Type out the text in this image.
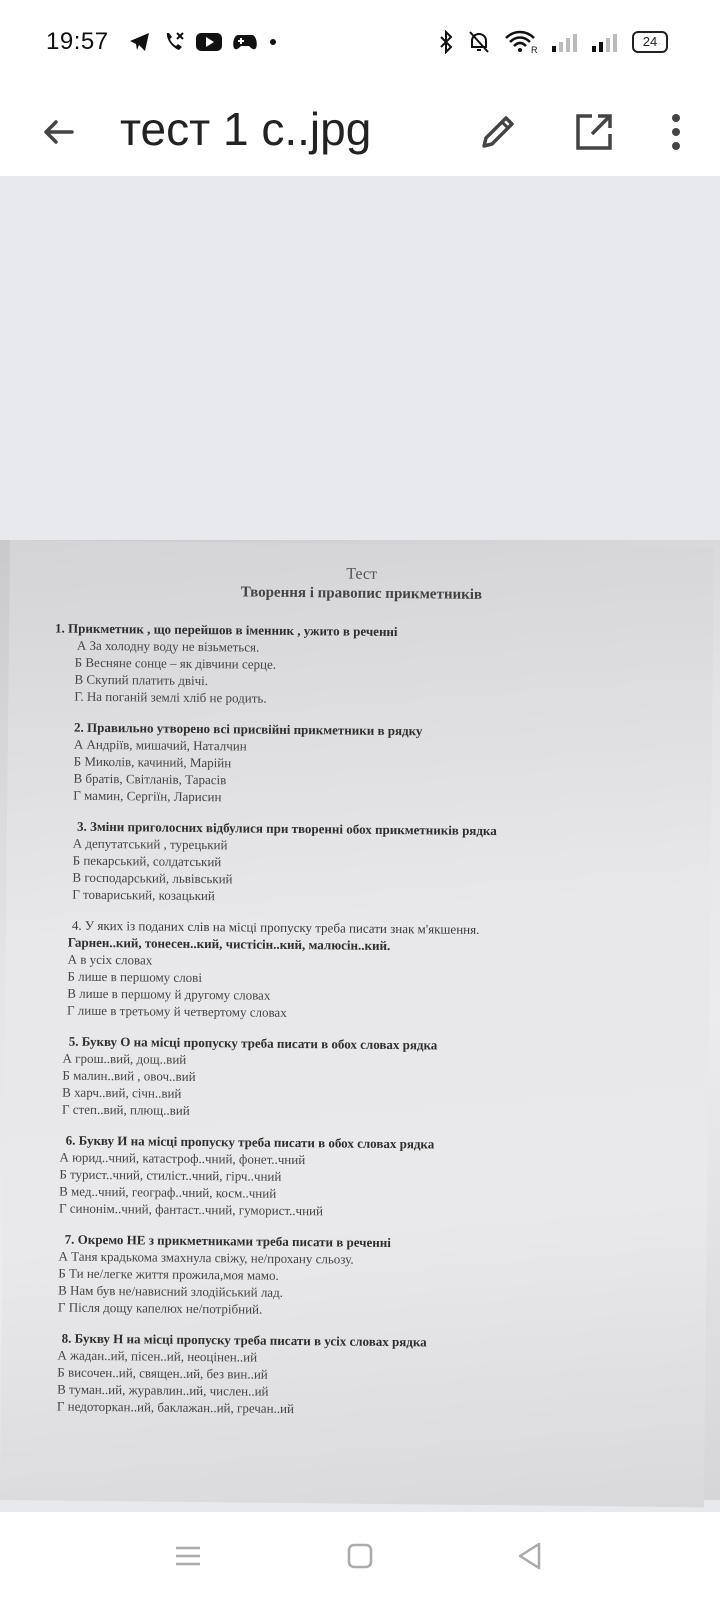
19:57	R
24
тест 1 с..jpg
Тест
Творення і правопис прикметників
1. Прикметник , що перейшов в іменник , ужито в реченні
А За холодну воду не візьметься.
Б Весняне сонце – як дівчини серце.
В Скупий платить двічі.
Г. На поганій землі хліб не родить.
2. Правильно утворено всі присвійні прикметники в рядку
А Андріїв, мишачий, Наталчин
Б Миколів, качиний, Марійн
В братів, Світланів, Тарасів
Г мамин, Сергіїн, Ларисин
3. Зміни приголосних відбулися при творенні обох прикметників рядка
А депутатський , турецький
Б пекарський, солдатський
В господарський, львівський
Г товариський, козацький
4. У яких із поданих слів на місці пропуску треба писати знак м'якшення.
Гарнен..кий, тонесен..кий, чистісін..кий, малюсін..кий.
А в усіх словах
Б лише в першому слові
В лише в першому й другому словах
Г лише в третьому й четвертому словах
5. Букву О на місці пропуску треба писати в обох словах рядка
А грош..вий, дощ..вий
Б малин..вий , овоч..вий
В харч..вий, січн..вий
Г степ..вий, плющ..вий
6. Букву И на місці пропуску треба писати в обох словах рядка
А юрид..чний, катастроф..чний, фонет..чний
Б турист..чний, стиліст..чний, гірч..чний
В мед..чний, географ..чний, косм..чний
Г синонім..чний, фантаст..чний, гуморист..чний
7. Окремо НЕ з прикметниками треба писати в реченні
А Таня крадькома змахнула свіжу, не/прохану сльозу.
Б Ти не/легке життя прожила,моя мамо.
В Нам був не/нависний злодійський лад.
Г Після дощу капелюх не/потрібний.
8. Букву Н на місці пропуску треба писати в усіх словах рядка
А жадан..ий, пісен..ий, неоцінен..ий
Б височен..ий, священ..ий, без вин..ий
В туман..ий, журавлин..ий, числен..ий
Г недоторкан..ий, баклажан..ий, гречан..ий
